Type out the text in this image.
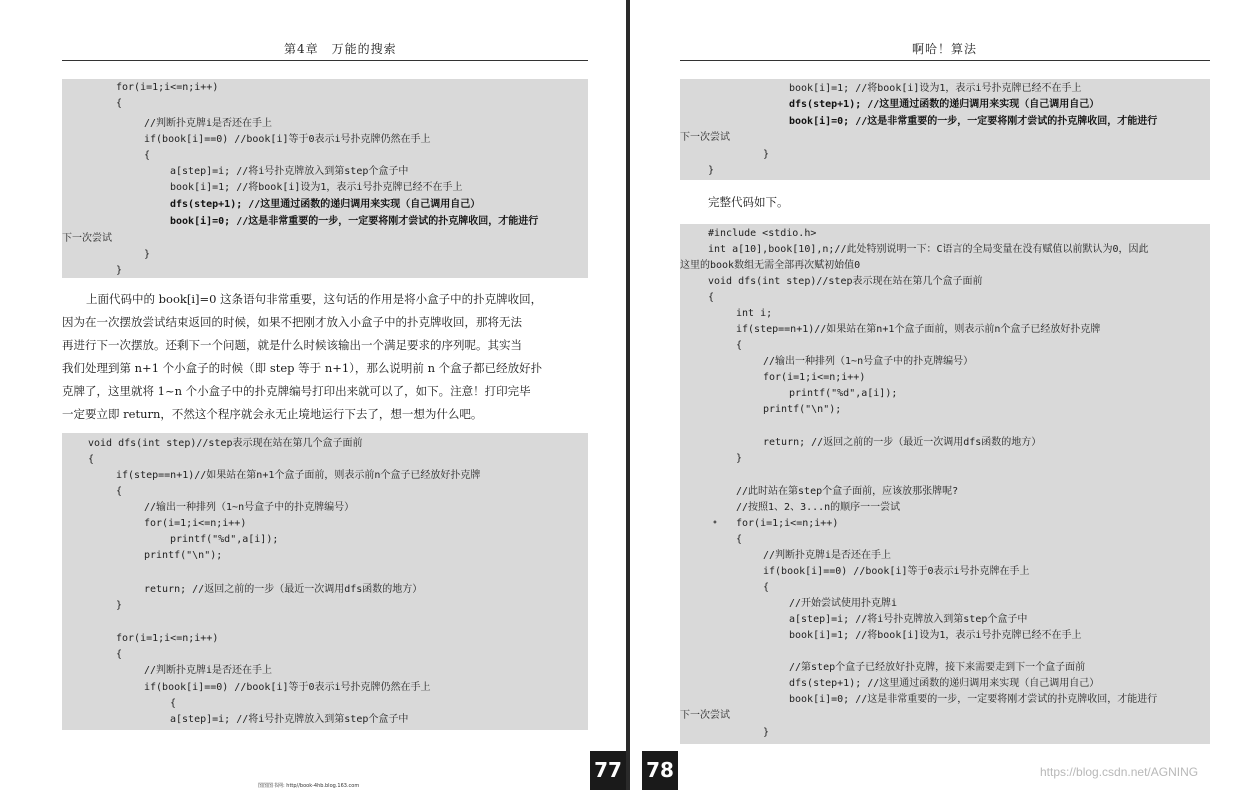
第4章　万能的搜索
for(i=1;i<=n;i++)
{
//判断扑克牌i是否还在手上
if(book[i]==0) //book[i]等于0表示i号扑克牌仍然在手上
{
a[step]=i; //将i号扑克牌放入到第step个盒子中
book[i]=1; //将book[i]设为1，表示i号扑克牌已经不在手上
dfs(step+1); //这里通过函数的递归调用来实现（自己调用自己）
book[i]=0; //这是非常重要的一步，一定要将刚才尝试的扑克牌收回，才能进行
下一次尝试
}
}
上面代码中的 book[i]=0 这条语句非常重要，这句话的作用是将小盒子中的扑克牌收回，
因为在一次摆放尝试结束返回的时候，如果不把刚才放入小盒子中的扑克牌收回，那将无法
再进行下一次摆放。还剩下一个问题，就是什么时候该输出一个满足要求的序列呢。其实当
我们处理到第 n+1 个小盒子的时候（即 step 等于 n+1），那么说明前 n 个盒子都已经放好扑
克牌了，这里就将 1~n 个小盒子中的扑克牌编号打印出来就可以了，如下。注意！打印完毕
一定要立即 return，不然这个程序就会永无止境地运行下去了，想一想为什么吧。
void dfs(int step)//step表示现在站在第几个盒子面前
{
if(step==n+1)//如果站在第n+1个盒子面前，则表示前n个盒子已经放好扑克牌
{
//输出一种排列（1~n号盒子中的扑克牌编号）
for(i=1;i<=n;i++)
printf("%d",a[i]);
printf("\n");
return; //返回之前的一步（最近一次调用dfs函数的地方）
}
for(i=1;i<=n;i++)
{
//判断扑克牌i是否还在手上
if(book[i]==0) //book[i]等于0表示i号扑克牌仍然在手上
{
a[step]=i; //将i号扑克牌放入到第step个盒子中
图图图书网: http//book-4hb.blog.163.com
77
啊哈！算法
book[i]=1; //将book[i]设为1，表示i号扑克牌已经不在手上
dfs(step+1); //这里通过函数的递归调用来实现（自己调用自己）
book[i]=0; //这是非常重要的一步，一定要将刚才尝试的扑克牌收回，才能进行
下一次尝试
}
}
完整代码如下。
#include <stdio.h>
int a[10],book[10],n;//此处特别说明一下：C语言的全局变量在没有赋值以前默认为0，因此
这里的book数组无需全部再次赋初始值0
void dfs(int step)//step表示现在站在第几个盒子面前
{
int i;
if(step==n+1)//如果站在第n+1个盒子面前，则表示前n个盒子已经放好扑克牌
{
//输出一种排列（1~n号盒子中的扑克牌编号）
for(i=1;i<=n;i++)
printf("%d",a[i]);
printf("\n");
return; //返回之前的一步（最近一次调用dfs函数的地方）
}
//此时站在第step个盒子面前，应该放那张牌呢?
//按照1、2、3...n的顺序一一尝试
for(i=1;i<=n;i++)
{
//判断扑克牌i是否还在手上
if(book[i]==0) //book[i]等于0表示i号扑克牌在手上
{
//开始尝试使用扑克牌i
a[step]=i; //将i号扑克牌放入到第step个盒子中
book[i]=1; //将book[i]设为1，表示i号扑克牌已经不在手上
//第step个盒子已经放好扑克牌，接下来需要走到下一个盒子面前
dfs(step+1); //这里通过函数的递归调用来实现（自己调用自己）
book[i]=0; //这是非常重要的一步，一定要将刚才尝试的扑克牌收回，才能进行
下一次尝试
}
78
•
https://blog.csdn.net/AGNING
